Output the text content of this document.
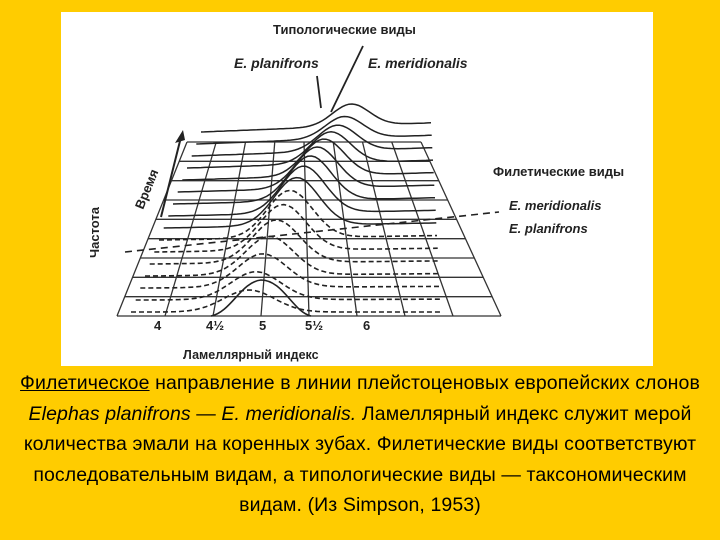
Время
Частота
Типологические виды
E. planifrons	E. meridionalis
Филетические виды
E. meridionalis
E. planifrons
4	4½	5	5½	6
Ламеллярный индекс
Филетическое направление в линии плейстоценовых европейских слонов Elephas planifrons — E. meridionalis. Ламеллярный индекс служит мерой количества эмали на коренных зубах. Филетические виды соответствуют последовательным видам, а типологические виды — таксономическим видам. (Из Simpson, 1953)
